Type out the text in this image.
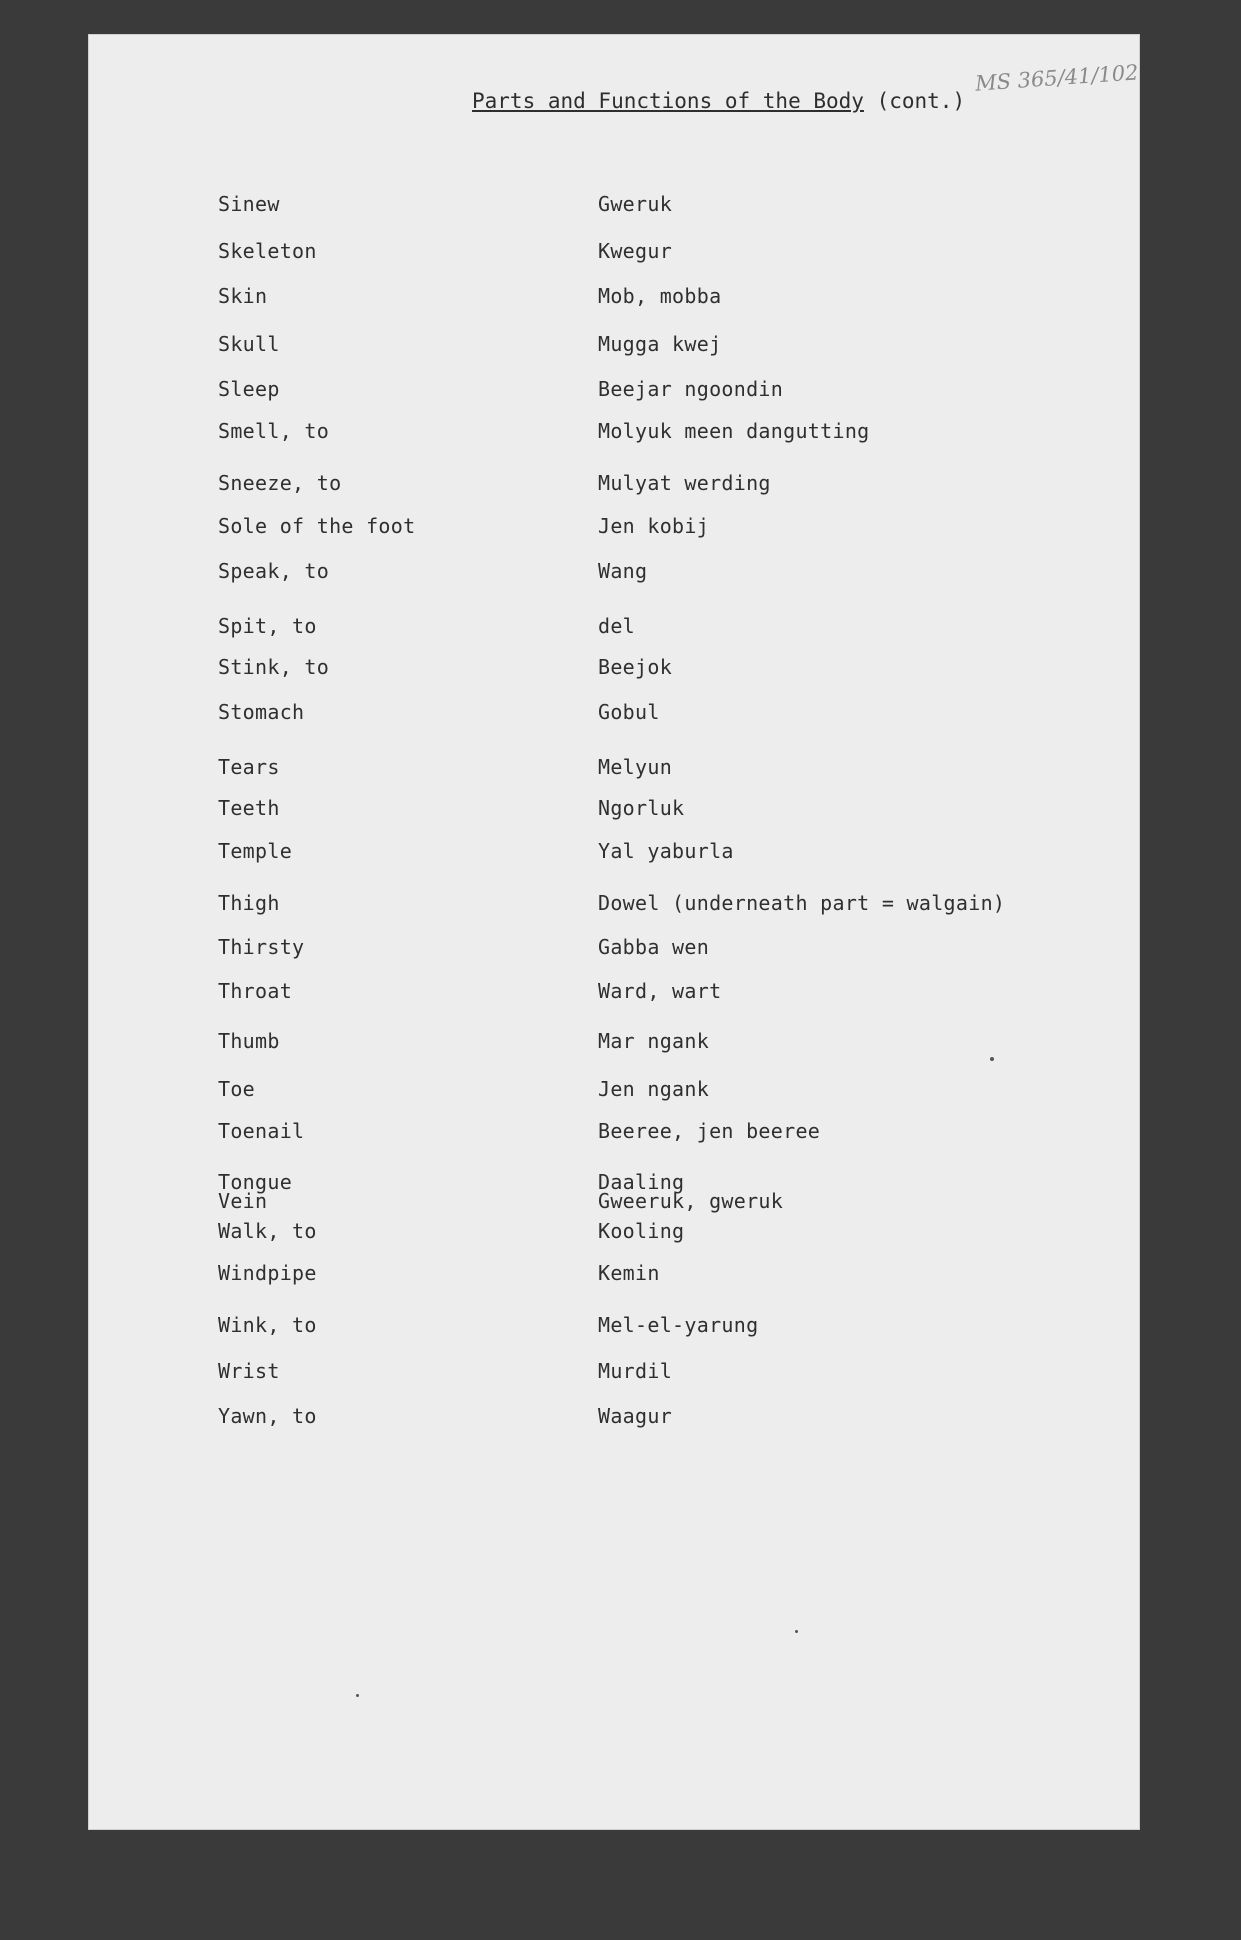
MS 365/41/102
Parts and Functions of the Body (cont.)
Sinew	Gweruk
Skeleton	Kwegur
Skin	Mob, mobba
Skull	Mugga kwej
Sleep	Beejar ngoondin
Smell, to	Molyuk meen dangutting
Sneeze, to	Mulyat werding
Sole of the foot	Jen kobij
Speak, to	Wang
Spit, to	del
Stink, to	Beejok
Stomach	Gobul
Tears	Melyun
Teeth	Ngorluk
Temple	Yal yaburla
Thigh	Dowel (underneath part = walgain)
Thirsty	Gabba wen
Throat	Ward, wart
Thumb	Mar ngank
Toe	Jen ngank
Toenail	Beeree, jen beeree
Tongue	Daaling
Vein	Gweeruk, gweruk
Walk, to	Kooling
Windpipe	Kemin
Wink, to	Mel-el-yarung
Wrist	Murdil
Yawn, to	Waagur
